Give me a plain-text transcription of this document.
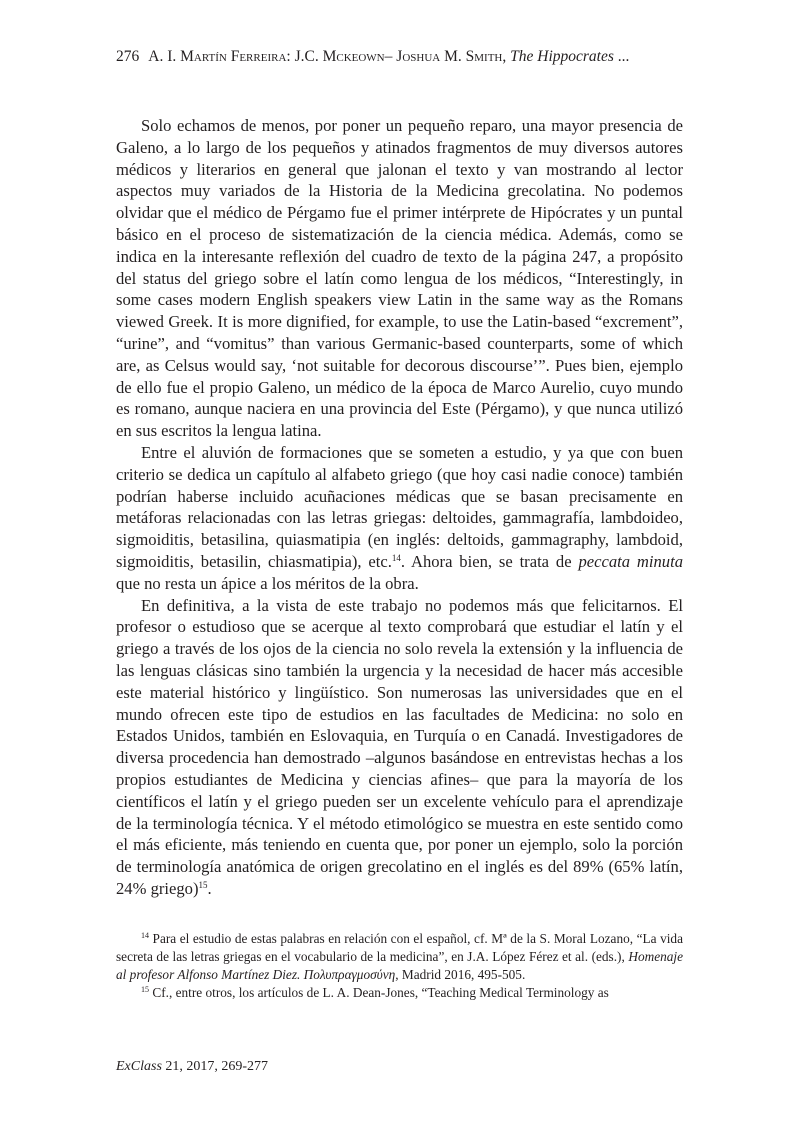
276 A. I. Martín Ferreira: J.C. Mckeown– Joshua M. Smith, The Hippocrates ...

Solo echamos de menos, por poner un pequeño reparo, una mayor presencia de Galeno, a lo largo de los pequeños y atinados fragmentos de muy diversos autores médicos y literarios en general que jalonan el texto y van mostrando al lector aspectos muy variados de la Historia de la Medicina grecolatina. No podemos olvidar que el médico de Pérgamo fue el primer intérprete de Hipócrates y un puntal básico en el proceso de sistematización de la ciencia médica. Además, como se indica en la interesante reflexión del cuadro de texto de la página 247, a propósito del status del griego sobre el latín como lengua de los médicos, “Interestingly, in some cases modern English speakers view Latin in the same way as the Romans viewed Greek. It is more dignified, for example, to use the Latin-based “excrement”, “urine”, and “vomitus” than various Germanic-based counterparts, some of which are, as Celsus would say, ‘not suitable for decorous discourse’”. Pues bien, ejemplo de ello fue el propio Galeno, un médico de la época de Marco Aurelio, cuyo mundo es romano, aunque naciera en una provincia del Este (Pérgamo), y que nunca utilizó en sus escritos la lengua latina.

Entre el aluvión de formaciones que se someten a estudio, y ya que con buen criterio se dedica un capítulo al alfabeto griego (que hoy casi nadie conoce) también podrían haberse incluido acuñaciones médicas que se basan precisamente en metáforas relacionadas con las letras griegas: deltoides, gammagrafía, lambdoideo, sigmoiditis, betasilina, quiasmatipia (en inglés: deltoids, gammagraphy, lambdoid, sigmoiditis, betasilin, chiasmatipia), etc.$^{14}$. Ahora bien, se trata de peccata minuta que no resta un ápice a los méritos de la obra.

En definitiva, a la vista de este trabajo no podemos más que felicitarnos. El profesor o estudioso que se acerque al texto comprobará que estudiar el latín y el griego a través de los ojos de la ciencia no solo revela la extensión y la influencia de las lenguas clásicas sino también la urgencia y la necesidad de hacer más accesible este material histórico y lingüístico. Son numerosas las universidades que en el mundo ofrecen este tipo de estudios en las facultades de Medicina: no solo en Estados Unidos, también en Eslovaquia, en Turquía o en Canadá. Investigadores de diversa procedencia han demostrado –algunos basándose en entrevistas hechas a los propios estudiantes de Medicina y ciencias afines– que para la mayoría de los científicos el latín y el griego pueden ser un excelente vehículo para el aprendizaje de la terminología técnica. Y el método etimológico se muestra en este sentido como el más eficiente, más teniendo en cuenta que, por poner un ejemplo, solo la porción de terminología anatómica de origen grecolatino en el inglés es del 89% (65% latín, 24% griego)$^{15}$.

$^{14}$ Para el estudio de estas palabras en relación con el español, cf. Mª de la S. Moral Lozano, “La vida secreta de las letras griegas en el vocabulario de la medicina”, en J.A. López Férez et al. (eds.), Homenaje al profesor Alfonso Martínez Diez. Πολυπραγμοσύνη, Madrid 2016, 495-505.

$^{15}$ Cf., entre otros, los artículos de L. A. Dean-Jones, “Teaching Medical Terminology as

ExClass 21, 2017, 269-277
